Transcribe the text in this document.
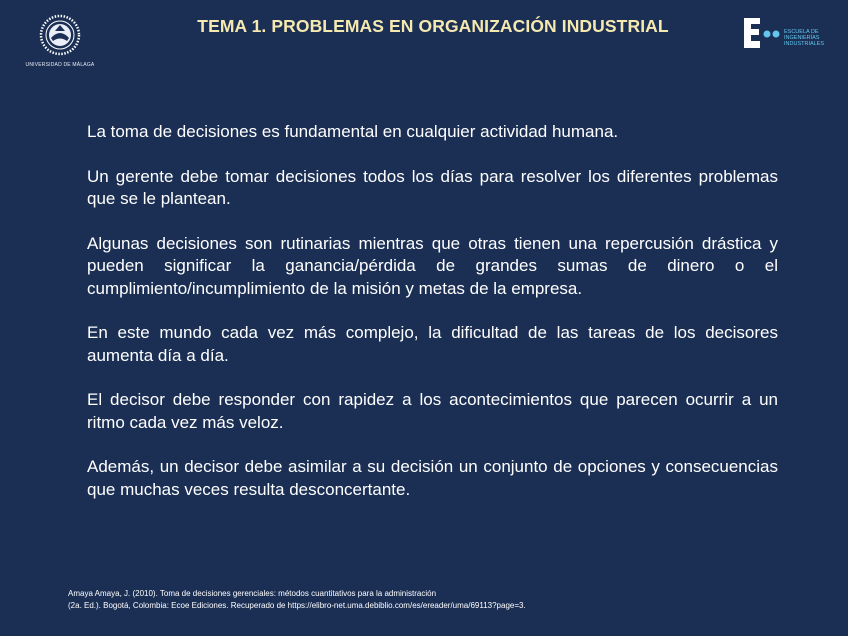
UNIVERSIDAD DE MÁLAGA
TEMA 1. PROBLEMAS EN ORGANIZACIÓN INDUSTRIAL	ESCUELA DE
INGENIERÍAS
INDUSTRIALES

La toma de decisiones es fundamental en cualquier actividad humana.

Un gerente debe tomar decisiones todos los días para resolver los diferentes problemas que se le plantean.

Algunas decisiones son rutinarias mientras que otras tienen una repercusión drástica y pueden significar la ganancia/pérdida de grandes sumas de dinero o el cumplimiento/incumplimiento de la misión y metas de la empresa.

En este mundo cada vez más complejo, la dificultad de las tareas de los decisores aumenta día a día.

El decisor debe responder con rapidez a los acontecimientos que parecen ocurrir a un ritmo cada vez más veloz.

Además, un decisor debe asimilar a su decisión un conjunto de opciones y consecuencias que muchas veces resulta desconcertante.

Amaya Amaya, J. (2010). Toma de decisiones gerenciales: métodos cuantitativos para la administración
(2a. Ed.). Bogotá, Colombia: Ecoe Ediciones. Recuperado de https://elibro-net.uma.debiblio.com/es/ereader/uma/69113?page=3.
